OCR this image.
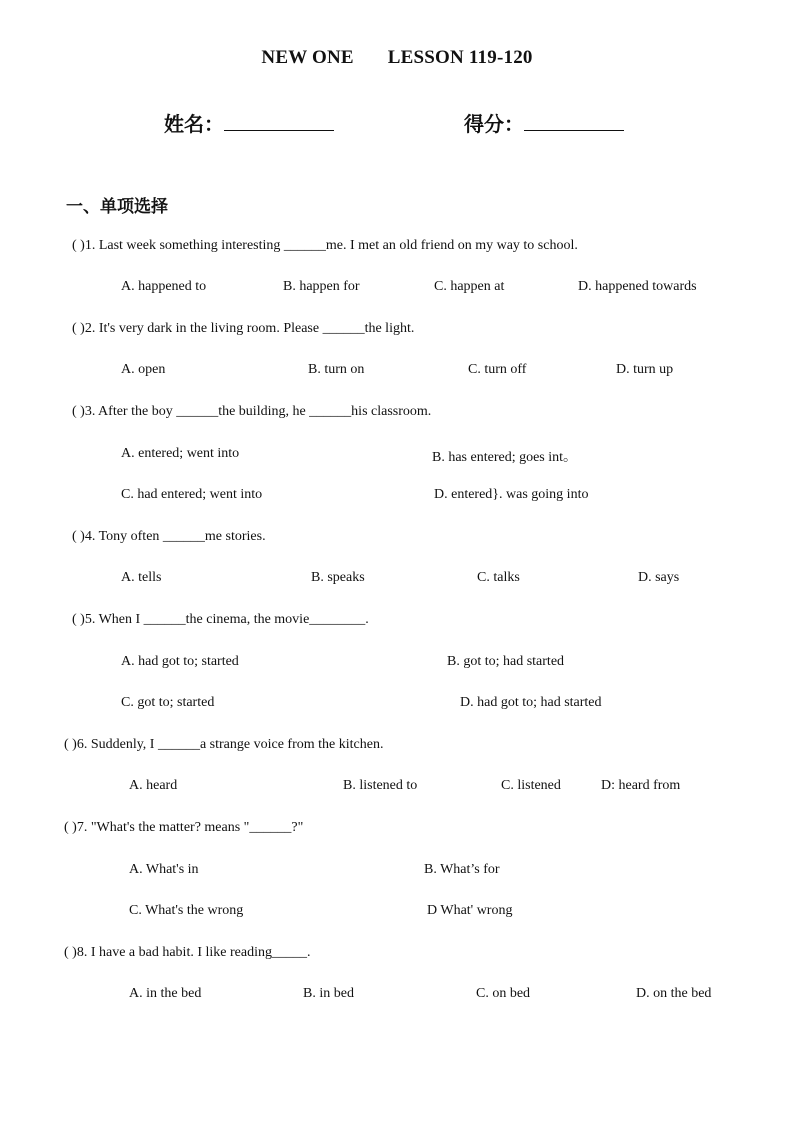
NEW ONE LESSON 119-120
姓名：	得分：
一、单项选择
( )1. Last week something interesting ______me. I met an old friend on my way to school.
A. happened to	B. happen for	C. happen at	D. happened towards
( )2. It's very dark in the living room. Please ______the light.
A. open	B. turn on	C. turn off	D. turn up
( )3. After the boy ______the building, he ______his classroom.
A. entered; went into	B. has entered; goes int。
C. had entered; went into	D. entered}. was going into
( )4. Tony often ______me stories.
A. tells	B. speaks	C. talks	D. says
( )5. When I ______the cinema, the movie________.
A. had got to; started	B. got to; had started
C. got to; started	D. had got to; had started
( )6. Suddenly, I ______a strange voice from the kitchen.
A. heard	B. listened to	C. listened	D: heard from
( )7. "What's the matter? means "______?"
A. What's in	B. What’s for
C. What's the wrong	D What' wrong
( )8. I have a bad habit. I like reading_____.
A. in the bed	B. in bed	C. on bed	D. on the bed
